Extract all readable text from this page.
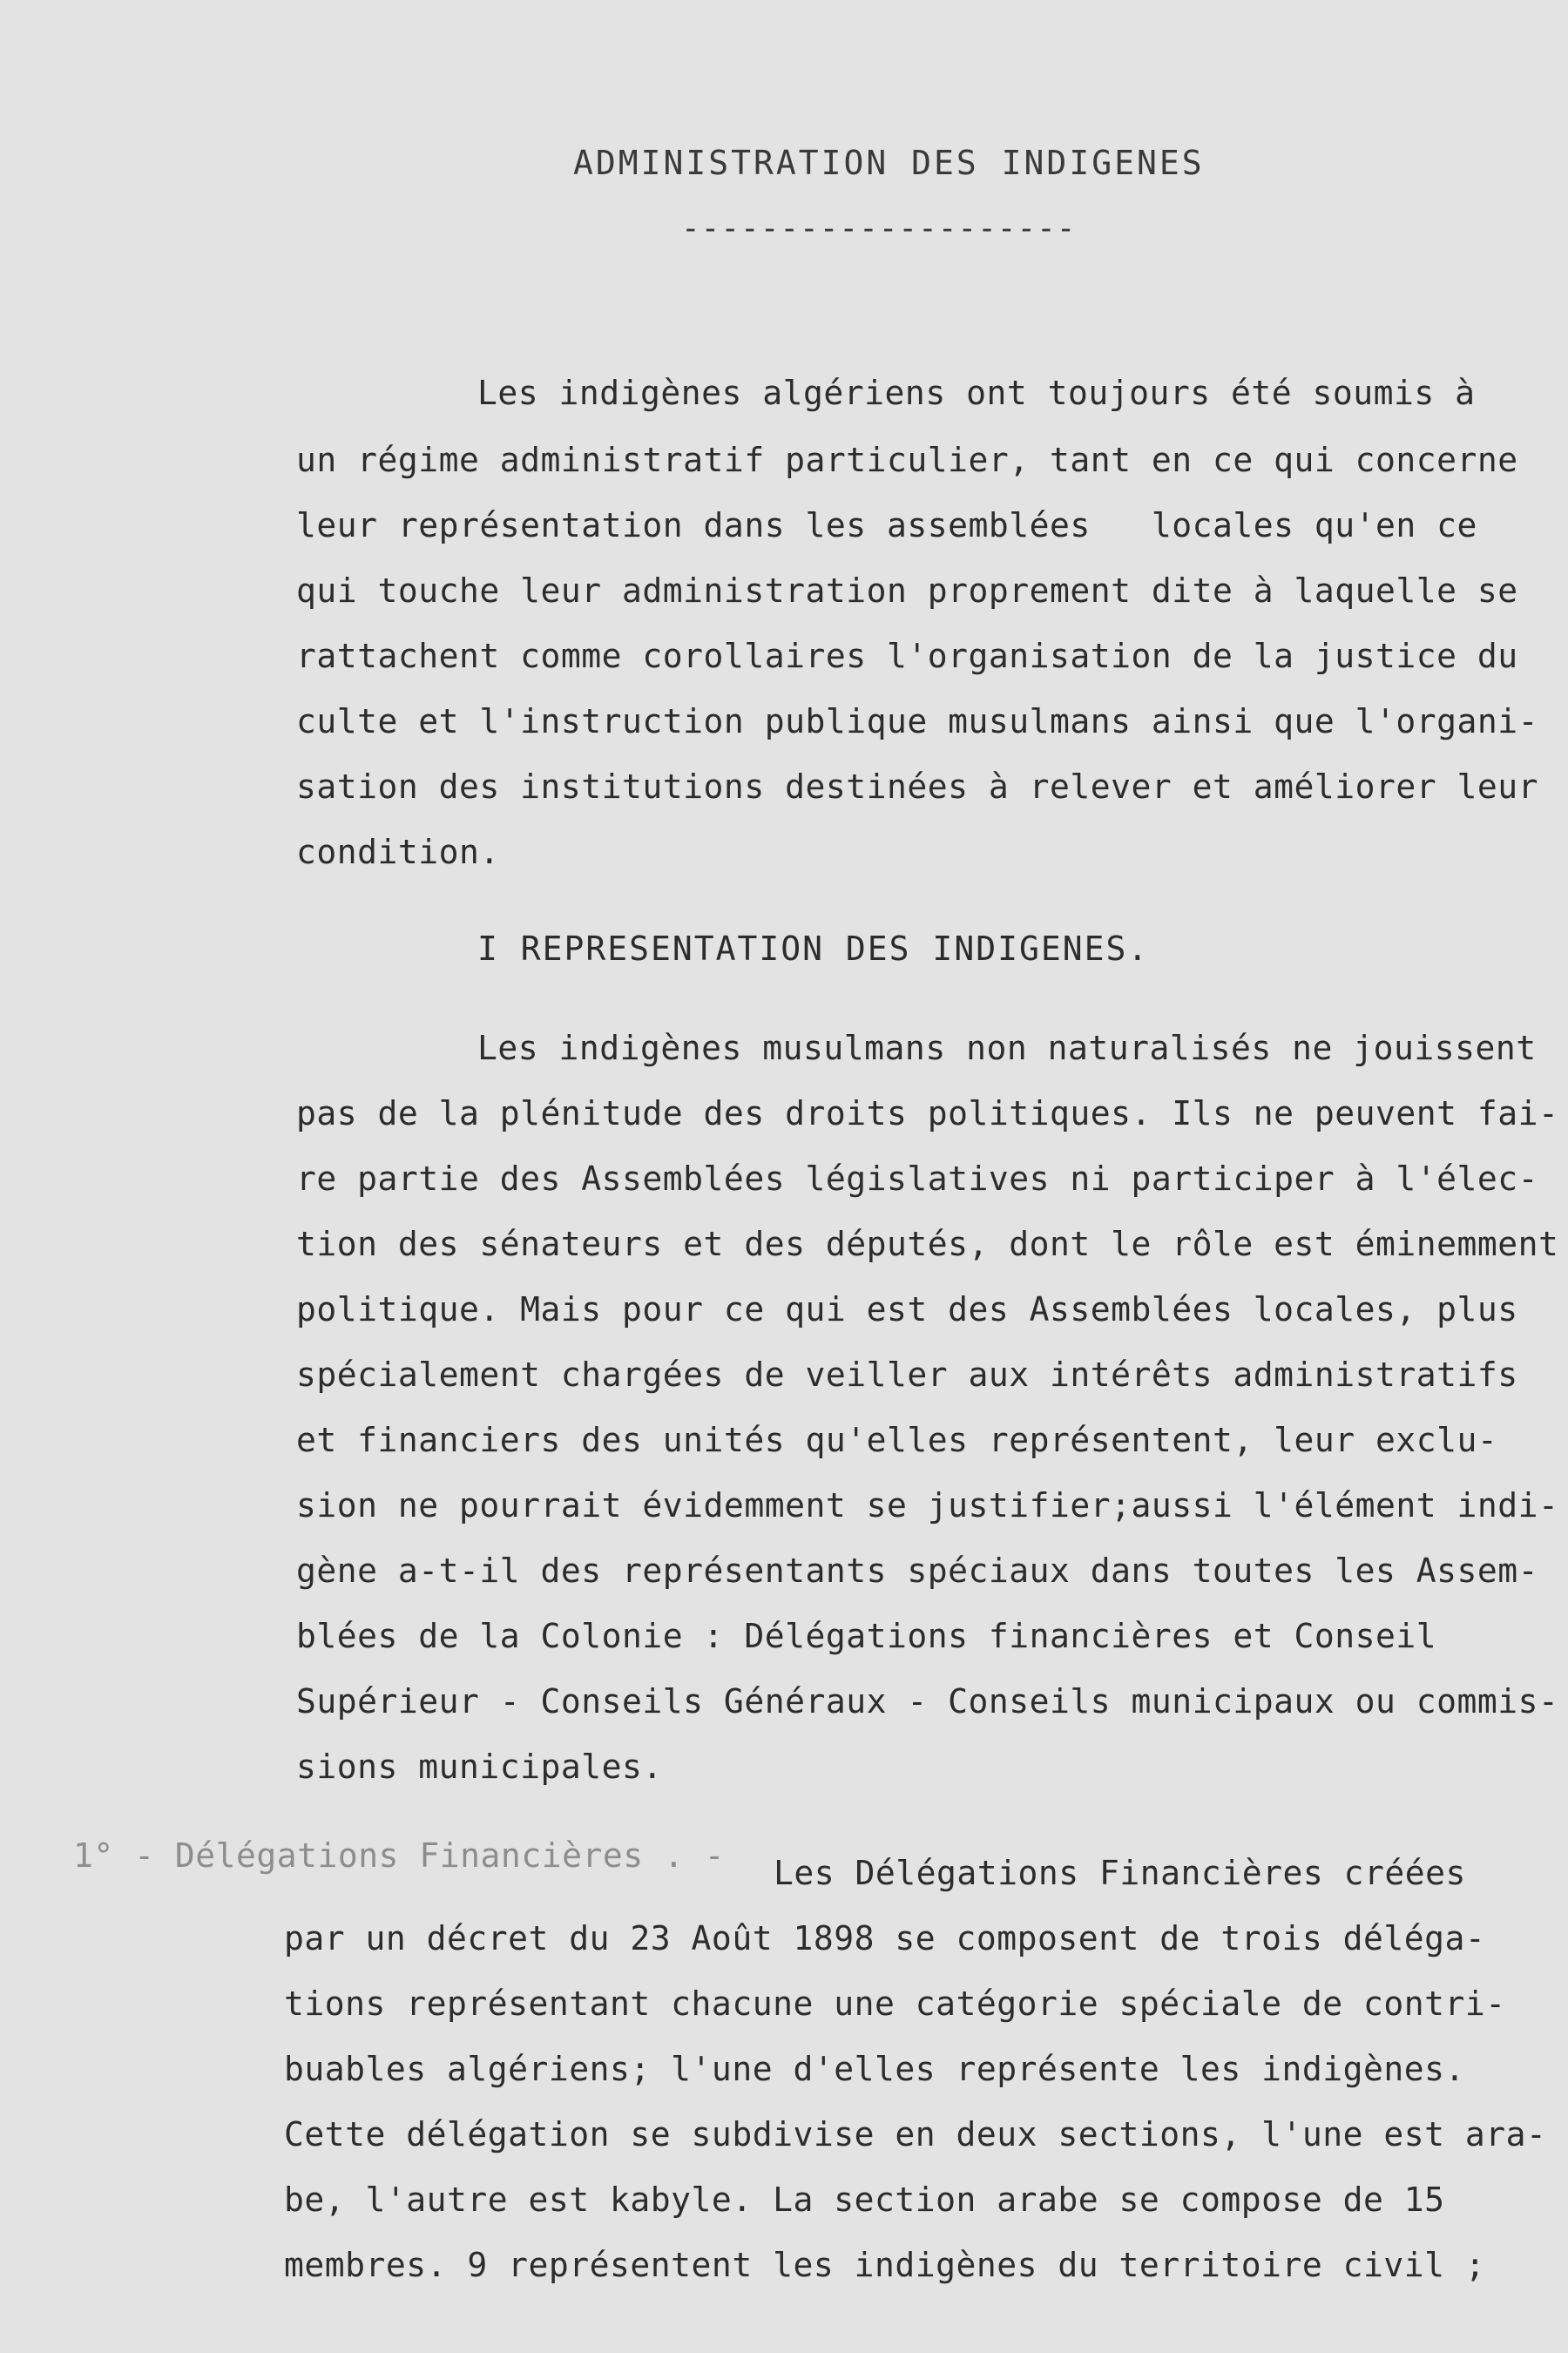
ADMINISTRATION DES INDIGENES
--------------------
Les indigènes algériens ont toujours été soumis à
un régime administratif particulier, tant en ce qui concerne
leur représentation dans les assemblées   locales qu'en ce
qui touche leur administration proprement dite à laquelle se
rattachent comme corollaires l'organisation de la justice du
culte et l'instruction publique musulmans ainsi que l'organi-
sation des institutions destinées à relever et améliorer leur
condition.
I REPRESENTATION DES INDIGENES.
Les indigènes musulmans non naturalisés ne jouissent
pas de la plénitude des droits politiques. Ils ne peuvent fai-
re partie des Assemblées législatives ni participer à l'élec-
tion des sénateurs et des députés, dont le rôle est éminemment
politique. Mais pour ce qui est des Assemblées locales, plus
spécialement chargées de veiller aux intérêts administratifs
et financiers des unités qu'elles représentent, leur exclu-
sion ne pourrait évidemment se justifier;aussi l'élément indi-
gène a-t-il des représentants spéciaux dans toutes les Assem-
blées de la Colonie : Délégations financières et Conseil
Supérieur - Conseils Généraux - Conseils municipaux ou commis-
sions municipales.
1° - Délégations Financières . - Les Délégations Financières créées
par un décret du 23 Août 1898 se composent de trois déléga-
tions représentant chacune une catégorie spéciale de contri-
buables algériens; l'une d'elles représente les indigènes.
Cette délégation se subdivise en deux sections, l'une est ara-
be, l'autre est kabyle. La section arabe se compose de 15
membres. 9 représentent les indigènes du territoire civil ;
